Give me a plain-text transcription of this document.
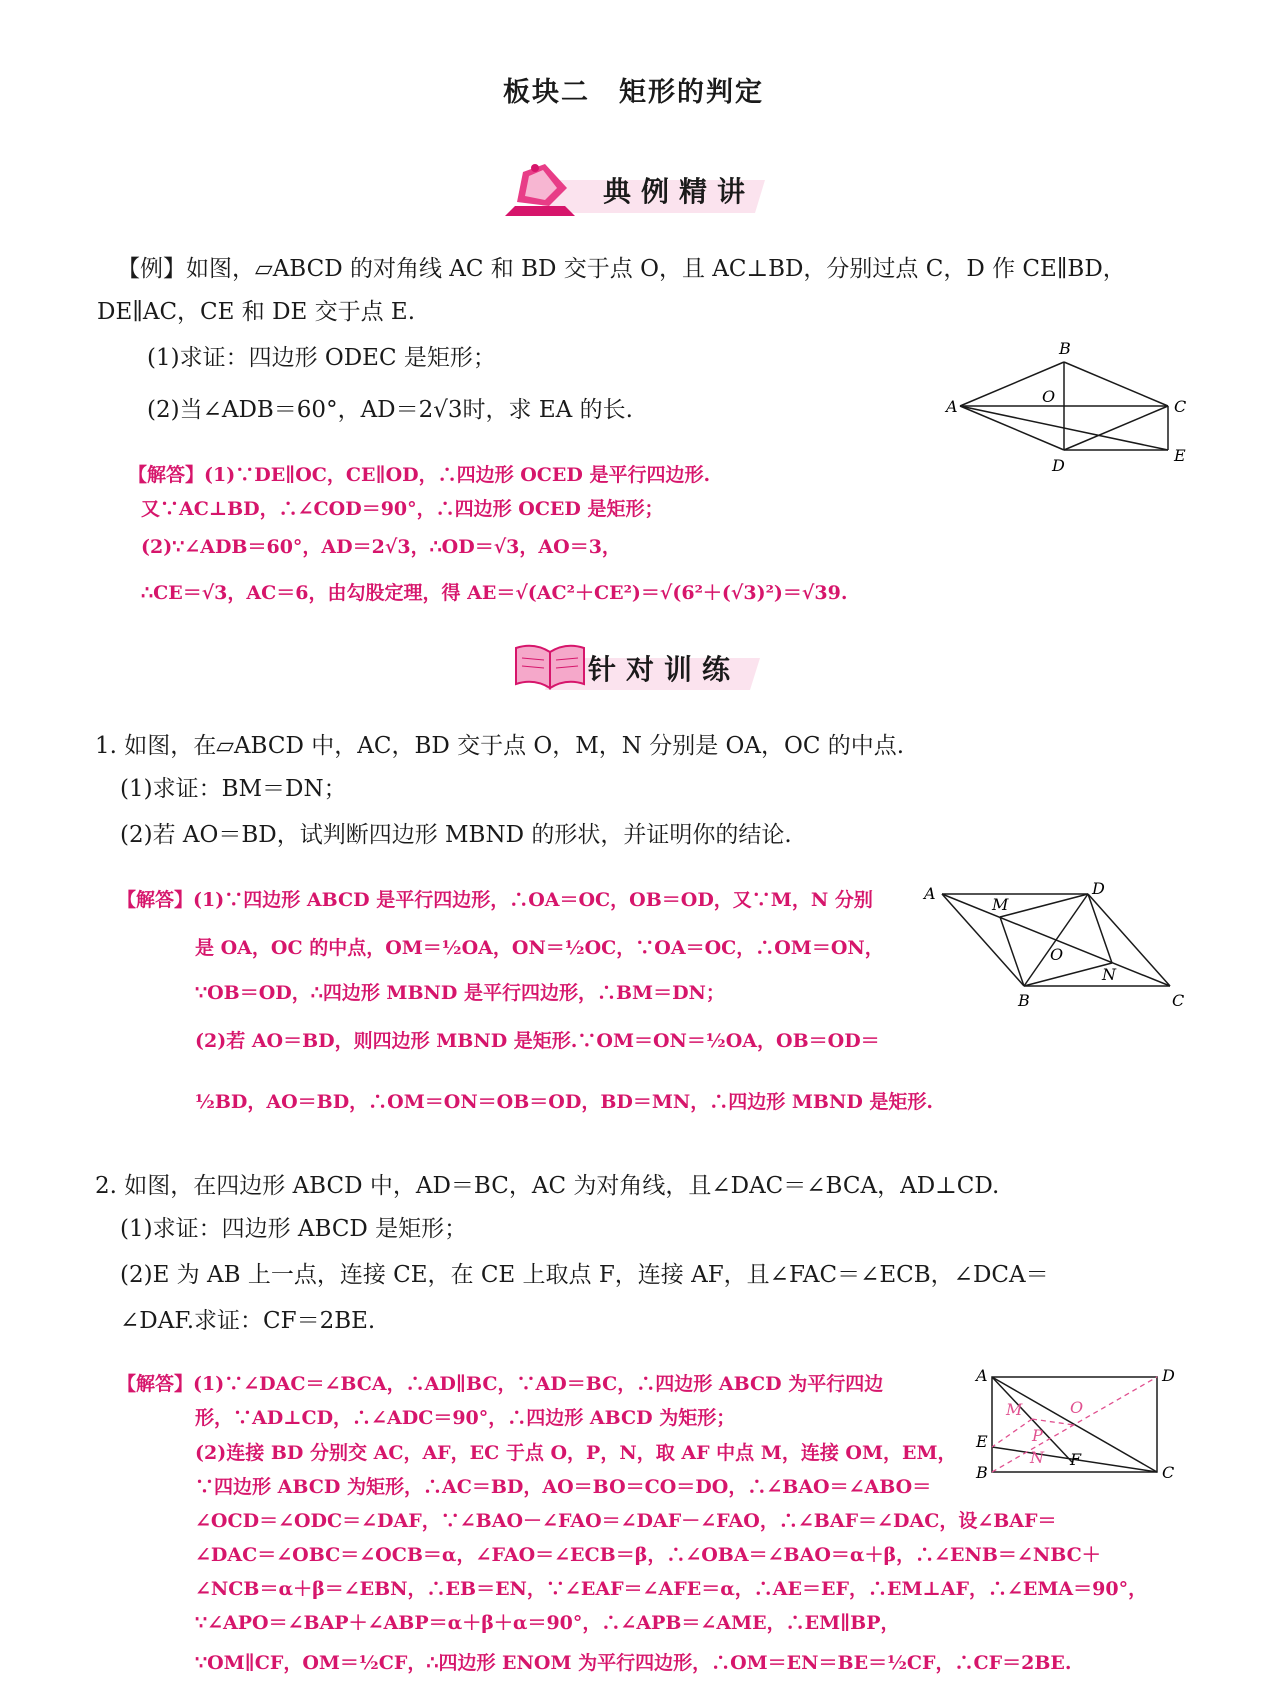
板块二　矩形的判定
典例精讲
【例】如图，▱ABCD 的对角线 AC 和 BD 交于点 O，且 AC⊥BD，分别过点 C，D 作 CE∥BD，
DE∥AC，CE 和 DE 交于点 E.
(1)求证：四边形 ODEC 是矩形；
(2)当∠ADB＝60°，AD＝2√3时，求 EA 的长.	A
B
C
D
E
O
【解答】(1)∵DE∥OC，CE∥OD，∴四边形 OCED 是平行四边形.
又∵AC⊥BD，∴∠COD＝90°，∴四边形 OCED 是矩形；
(2)∵∠ADB＝60°，AD＝2√3，∴OD＝√3，AO＝3，
∴CE＝√3，AC＝6，由勾股定理，得 AE＝√(AC²＋CE²)＝√(6²＋(√3)²)＝√39.
针对训练
1. 如图，在▱ABCD 中，AC，BD 交于点 O，M，N 分别是 OA，OC 的中点.
(1)求证：BM＝DN；
(2)若 AO＝BD，试判断四边形 MBND 的形状，并证明你的结论.
【解答】(1)∵四边形 ABCD 是平行四边形，∴OA＝OC，OB＝OD，又∵M，N 分别
是 OA，OC 的中点，OM＝½OA，ON＝½OC，∵OA＝OC，∴OM＝ON，
∵OB＝OD，∴四边形 MBND 是平行四边形，∴BM＝DN；
(2)若 AO＝BD，则四边形 MBND 是矩形.∵OM＝ON＝½OA，OB＝OD＝
½BD，AO＝BD，∴OM＝ON＝OB＝OD，BD＝MN，∴四边形 MBND 是矩形.
A
M
D
O
N
B	C
2. 如图，在四边形 ABCD 中，AD＝BC，AC 为对角线，且∠DAC＝∠BCA，AD⊥CD.
(1)求证：四边形 ABCD 是矩形；
(2)E 为 AB 上一点，连接 CE，在 CE 上取点 F，连接 AF，且∠FAC＝∠ECB，∠DCA＝
∠DAF.求证：CF＝2BE.
【解答】(1)∵∠DAC＝∠BCA，∴AD∥BC，∵AD＝BC，∴四边形 ABCD 为平行四边
形，∵AD⊥CD，∴∠ADC＝90°，∴四边形 ABCD 为矩形；
(2)连接 BD 分别交 AC，AF，EC 于点 O，P，N，取 AF 中点 M，连接 OM，EM，
∵四边形 ABCD 为矩形，∴AC＝BD，AO＝BO＝CO＝DO，∴∠BAO＝∠ABO＝
∠OCD＝∠ODC＝∠DAF，∵∠BAO－∠FAO＝∠DAF－∠FAO，∴∠BAF＝∠DAC，设∠BAF＝
∠DAC＝∠OBC＝∠OCB＝α，∠FAO＝∠ECB＝β，∴∠OBA＝∠BAO＝α＋β，∴∠ENB＝∠NBC＋
∠NCB＝α＋β＝∠EBN，∴EB＝EN，∵∠EAF＝∠AFE＝α，∴AE＝EF，∴EM⊥AF，∴∠EMA＝90°，
∵∠APO＝∠BAP＋∠ABP＝α＋β＋α＝90°，∴∠APB＝∠AME，∴EM∥BP，
∵OM∥CF，OM＝½CF，∴四边形 ENOM 为平行四边形，∴OM＝EN＝BE＝½CF，∴CF＝2BE.
A	D
M	O
E	P
N F
B	C
